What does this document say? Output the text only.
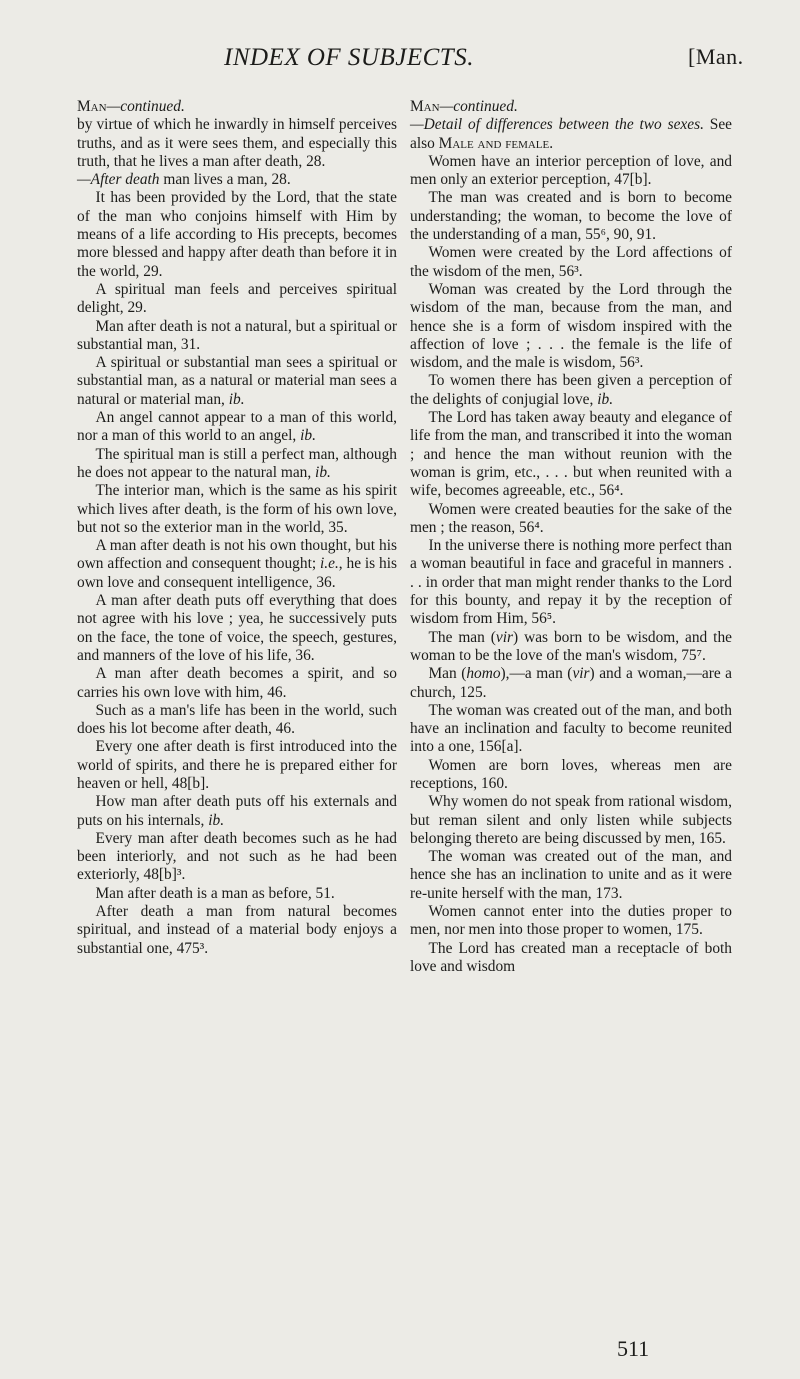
INDEX OF SUBJECTS.	[Man.

Man—continued.

by virtue of which he inwardly in himself perceives truths, and as it were sees them, and especially this truth, that he lives a man after death, 28.

—After death man lives a man, 28.

It has been provided by the Lord, that the state of the man who conjoins himself with Him by means of a life according to His precepts, becomes more blessed and happy after death than before it in the world, 29.

A spiritual man feels and perceives spiritual delight, 29.

Man after death is not a natural, but a spiritual or substantial man, 31.

A spiritual or substantial man sees a spiritual or substantial man, as a natural or material man sees a natural or material man, ib.

An angel cannot appear to a man of this world, nor a man of this world to an angel, ib.

The spiritual man is still a perfect man, although he does not appear to the natural man, ib.

The interior man, which is the same as his spirit which lives after death, is the form of his own love, but not so the exterior man in the world, 35.

A man after death is not his own thought, but his own affection and consequent thought; i.e., he is his own love and consequent intelligence, 36.

A man after death puts off everything that does not agree with his love ; yea, he successively puts on the face, the tone of voice, the speech, gestures, and manners of the love of his life, 36.

A man after death becomes a spirit, and so carries his own love with him, 46.

Such as a man's life has been in the world, such does his lot become after death, 46.

Every one after death is first introduced into the world of spirits, and there he is prepared either for heaven or hell, 48[b].

How man after death puts off his externals and puts on his internals, ib.

Every man after death becomes such as he had been interiorly, and not such as he had been exteriorly, 48[b]³.

Man after death is a man as before, 51.

After death a man from natural becomes spiritual, and instead of a material body enjoys a substantial one, 475³.

Man—continued.

—Detail of differences between the two sexes. See also Male and female.

Women have an interior perception of love, and men only an exterior perception, 47[b].

The man was created and is born to become understanding; the woman, to become the love of the understanding of a man, 55⁶, 90, 91.

Women were created by the Lord affections of the wisdom of the men, 56³.

Woman was created by the Lord through the wisdom of the man, because from the man, and hence she is a form of wisdom inspired with the affection of love ; . . . the female is the life of wisdom, and the male is wisdom, 56³.

To women there has been given a perception of the delights of conjugial love, ib.

The Lord has taken away beauty and elegance of life from the man, and transcribed it into the woman ; and hence the man without reunion with the woman is grim, etc., . . . but when reunited with a wife, becomes agreeable, etc., 56⁴.

Women were created beauties for the sake of the men ; the reason, 56⁴.

In the universe there is nothing more perfect than a woman beautiful in face and graceful in manners . . . in order that man might render thanks to the Lord for this bounty, and repay it by the reception of wisdom from Him, 56⁵.

The man (vir) was born to be wisdom, and the woman to be the love of the man's wisdom, 75⁷.

Man (homo),—a man (vir) and a woman,—are a church, 125.

The woman was created out of the man, and both have an inclination and faculty to become reunited into a one, 156[a].

Women are born loves, whereas men are receptions, 160.

Why women do not speak from rational wisdom, but reman silent and only listen while subjects belonging thereto are being discussed by men, 165.

The woman was created out of the man, and hence she has an inclination to unite and as it were re-unite herself with the man, 173.

Women cannot enter into the duties proper to men, nor men into those proper to women, 175.

The Lord has created man a receptacle of both love and wisdom

511
